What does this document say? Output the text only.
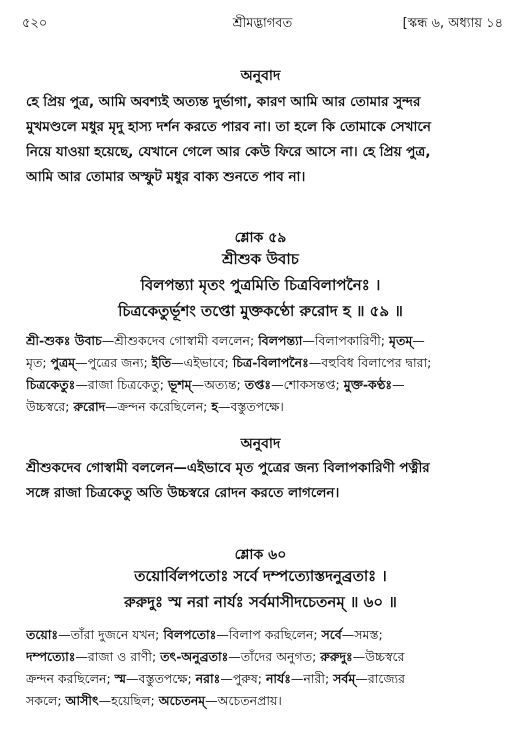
৫২০	শ্রীমদ্ভাগবত	[স্কন্ধ ৬, অধ্যায় ১৪
অনুবাদ
হে প্রিয় পুত্র, আমি অবশ্যই অত্যন্ত দুর্ভাগা, কারণ আমি আর তোমার সুন্দর
মুখমণ্ডলে মধুর মৃদু হাস্য দর্শন করতে পারব না। তা হলে কি তোমাকে সেখানে
নিয়ে যাওয়া হয়েছে, যেখানে গেলে আর কেউ ফিরে আসে না। হে প্রিয় পুত্র,
আমি আর তোমার অস্ফুট মধুর বাক্য শুনতে পাব না।
শ্লোক ৫৯
শ্রীশুক উবাচ
বিলপন্ত্যা মৃতং পুত্রমিতি চিত্রবিলাপনৈঃ ।
চিত্রকেতুর্ভূশং তপ্তো মুক্তকণ্ঠো রুরোদ হ ॥ ৫৯ ॥
শ্রী-শুকঃ উবাচ—শ্রীশুকদেব গোস্বামী বললেন; বিলপন্ত্যা—বিলাপকারিণী; মৃতম্—
মৃত; পুত্রম্—পুত্রের জন্য; ইতি—এইভাবে; চিত্র-বিলাপনৈঃ—বহুবিধ বিলাপের দ্বারা;
চিত্রকেতুঃ—রাজা চিত্রকেতু; ভূশম্—অত্যন্ত; তপ্তঃ—শোকসন্তপ্ত; মুক্ত-কণ্ঠঃ—
উচ্চস্বরে; রুরোদ—ক্রন্দন করেছিলেন; হ—বস্তুতপক্ষে।
অনুবাদ
শ্রীশুকদেব গোস্বামী বললেন—এইভাবে মৃত পুত্রের জন্য বিলাপকারিণী পত্নীর
সঙ্গে রাজা চিত্রকেতু অতি উচ্চস্বরে রোদন করতে লাগলেন।
শ্লোক ৬০
তয়োর্বিলপতোঃ সর্বে দম্পত্যোস্তদনুব্রতাঃ ।
রুরুদুঃ স্ম নরা নার্যঃ সর্বমাসীদচেতনম্ ॥ ৬০ ॥
তয়োঃ—তাঁরা দুজনে যখন; বিলপতোঃ—বিলাপ করছিলেন; সর্বে—সমস্ত;
দম্পত্যোঃ—রাজা ও রাণী; তৎ-অনুব্রতাঃ—তাঁদের অনুগত; রুরুদুঃ—উচ্চস্বরে
ক্রন্দন করছিলেন; স্ম—বস্তুতপক্ষে; নরাঃ—পুরুষ; নার্যঃ—নারী; সর্বম্—রাজ্যের
সকলে; আসীৎ—হয়েছিল; অচেতনম্—অচেতনপ্রায়।
